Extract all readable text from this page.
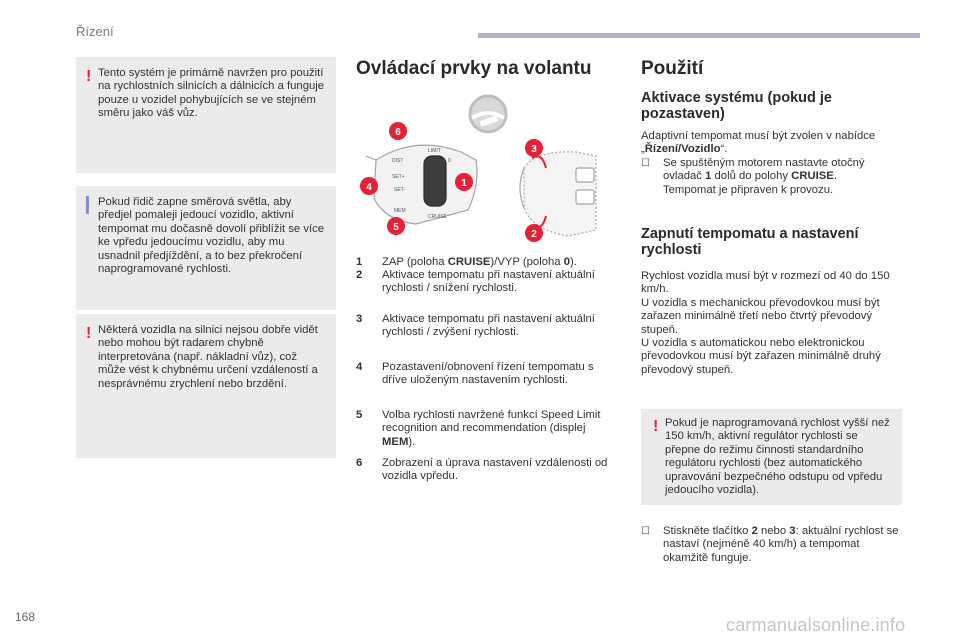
Řízení
! Tento systém je primárně navržen pro použití na rychlostních silnicích a dálnicích a funguje pouze u vozidel pohybujících se ve stejném směru jako váš vůz.

▎ Pokud řidič zapne směrová světla, aby předjel pomaleji jedoucí vozidlo, aktivní tempomat mu dočasně dovolí přiblížit se více ke vpředu jedoucímu vozidlu, aby mu usnadnil předjíždění, a to bez překročení naprogramované rychlosti.

! Některá vozidla na silnici nejsou dobře vidět nebo mohou být radarem chybně interpretována (např. nákladní vůz), což může vést k chybnému určení vzdáleností a nesprávnému zrychlení nebo brzdění.

Ovládací prvky na volantu
DIST
SET+
SET-
MEM
LIMIT
CRUISE
0
6
4
5
1
3
2
1 ZAP (poloha CRUISE)/VYP (poloha 0).
2 Aktivace tempomatu při nastavení aktuální rychlosti / snížení rychlosti.
3 Aktivace tempomatu při nastavení aktuální rychlosti / zvýšení rychlosti.
4 Pozastavení/obnovení řízení tempomatu s dříve uloženým nastavením rychlosti.
5 Volba rychlosti navržené funkcí Speed Limit recognition and recommendation (displej MEM).
6 Zobrazení a úprava nastavení vzdálenosti od vozidla vpředu.
Použití
Aktivace systému (pokud je pozastaven)
Adaptivní tempomat musí být zvolen v nabídce „Řízení/Vozidlo“.
☐ Se spuštěným motorem nastavte otočný ovladač 1 dolů do polohy CRUISE.
Tempomat je připraven k provozu.
Zapnutí tempomatu a nastavení rychlosti
Rychlost vozidla musí být v rozmezí od 40 do 150 km/h.
U vozidla s mechanickou převodovkou musí být zařazen minimálně třetí nebo čtvrtý převodový stupeň.
U vozidla s automatickou nebo elektronickou převodovkou musí být zařazen minimálně druhý převodový stupeň.
! Pokud je naprogramovaná rychlost vyšší než 150 km/h, aktivní regulátor rychlosti se přepne do režimu činnosti standardního regulátoru rychlosti (bez automatického upravování bezpečného odstupu od vpředu jedoucího vozidla).

☐ Stiskněte tlačítko 2 nebo 3: aktuální rychlost se nastaví (nejméně 40 km/h) a tempomat okamžitě funguje.
168	carmanualsonline.info
